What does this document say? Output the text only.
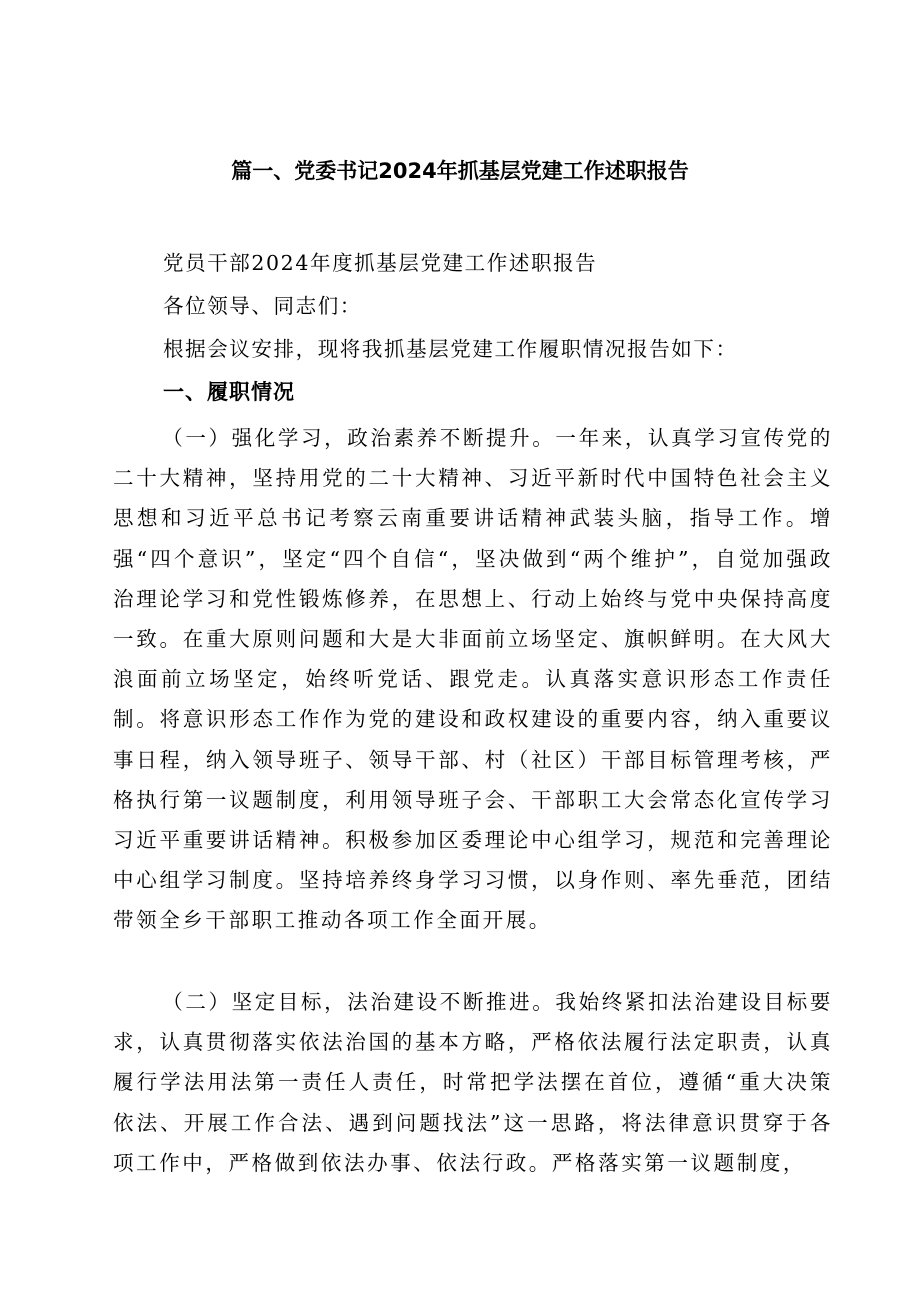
篇一、党委书记2024年抓基层党建工作述职报告
党员干部2024年度抓基层党建工作述职报告
各位领导、同志们：
根据会议安排，现将我抓基层党建工作履职情况报告如下：
一、履职情况
（一）强化学习，政治素养不断提升。一年来，认真学习宣传党的二十大精神，坚持用党的二十大精神、习近平新时代中国特色社会主义思想和习近平总书记考察云南重要讲话精神武装头脑，指导工作。增强“四个意识”，坚定“四个自信“，坚决做到“两个维护”，自觉加强政治理论学习和党性锻炼修养，在思想上、行动上始终与党中央保持高度一致。在重大原则问题和大是大非面前立场坚定、旗帜鲜明。在大风大浪面前立场坚定，始终听党话、跟党走。认真落实意识形态工作责任制。将意识形态工作作为党的建设和政权建设的重要内容，纳入重要议事日程，纳入领导班子、领导干部、村（社区）干部目标管理考核，严格执行第一议题制度，利用领导班子会、干部职工大会常态化宣传学习习近平重要讲话精神。积极参加区委理论中心组学习，规范和完善理论中心组学习制度。坚持培养终身学习习惯，以身作则、率先垂范，团结带领全乡干部职工推动各项工作全面开展。
（二）坚定目标，法治建设不断推进。我始终紧扣法治建设目标要求，认真贯彻落实依法治国的基本方略，严格依法履行法定职责，认真履行学法用法第一责任人责任，时常把学法摆在首位，遵循“重大决策依法、开展工作合法、遇到问题找法”这一思路，将法律意识贯穿于各项工作中，严格做到依法办事、依法行政。严格落实第一议题制度，
